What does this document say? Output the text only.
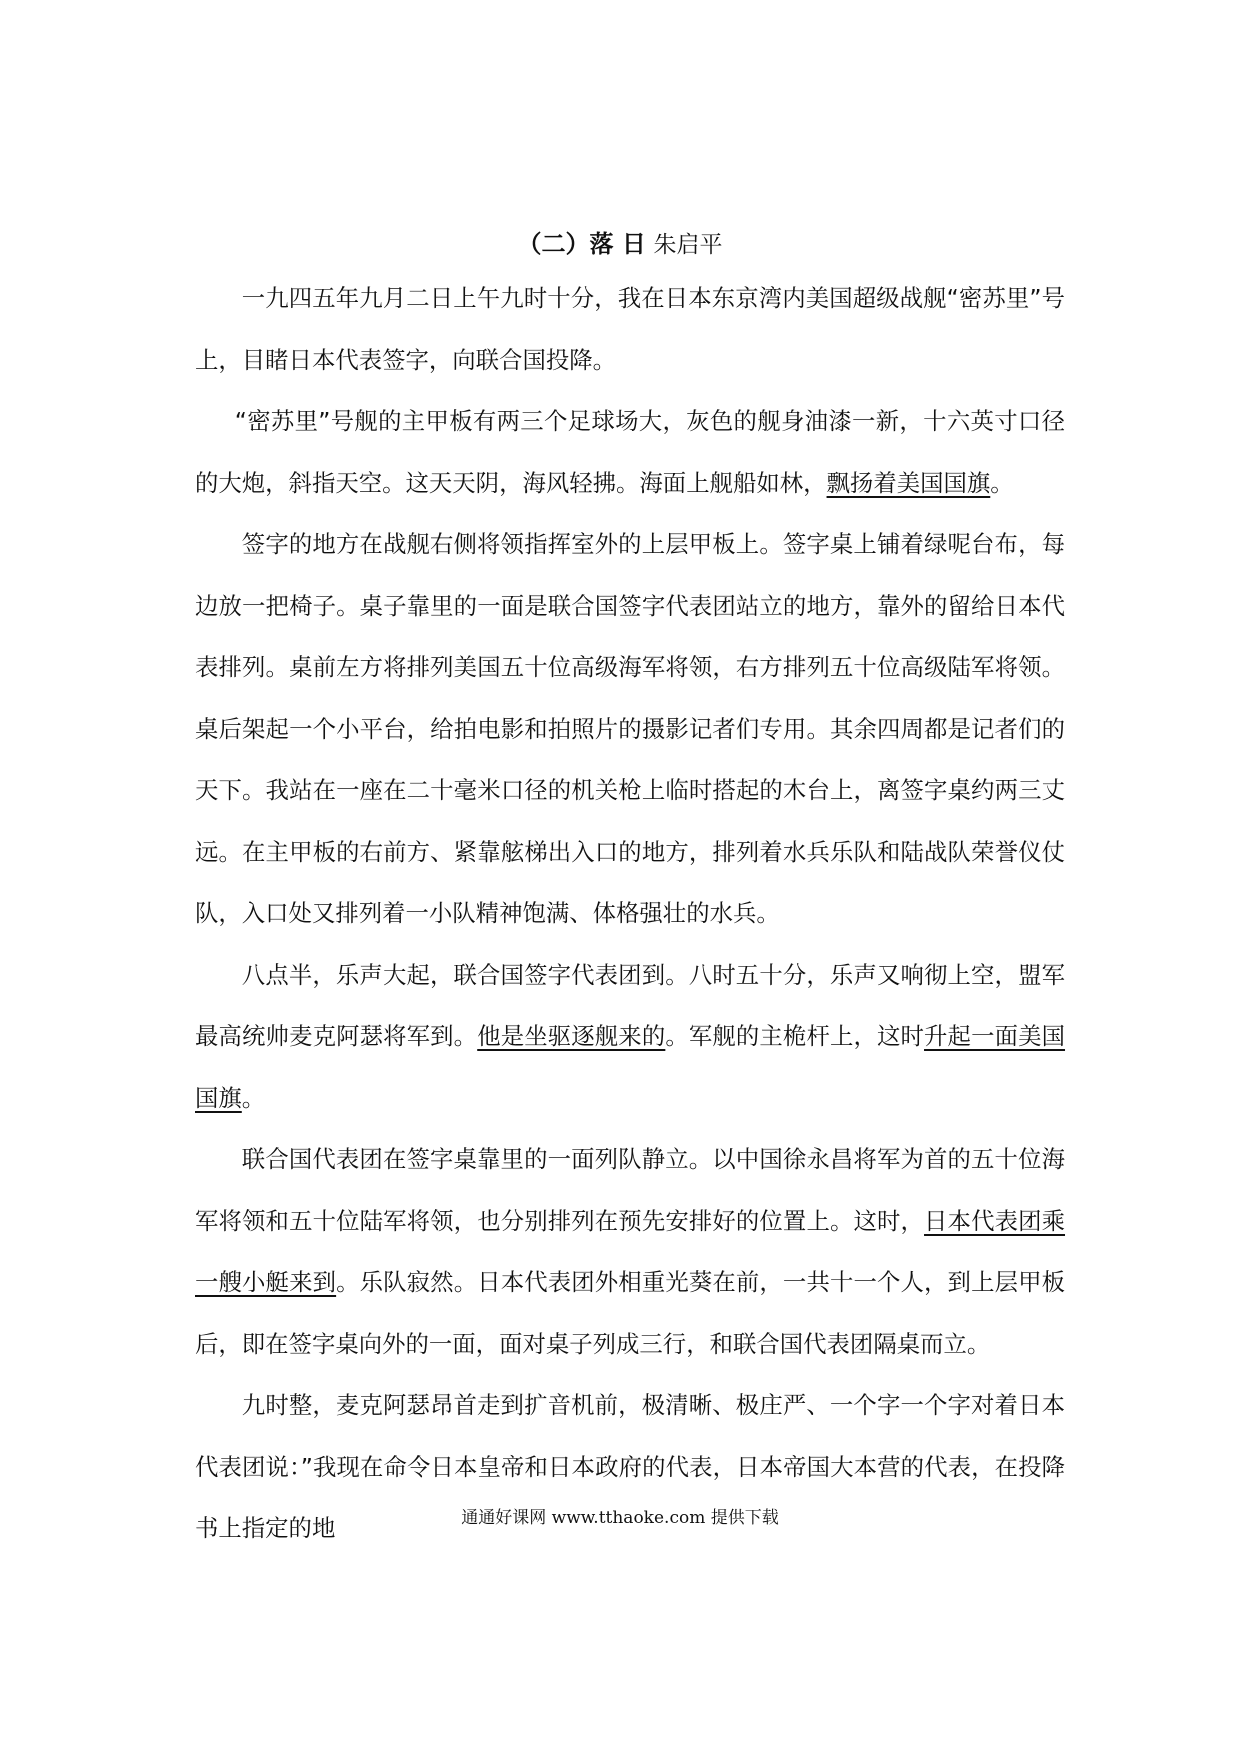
（二）落 日 朱启平

一九四五年九月二日上午九时十分，我在日本东京湾内美国超级战舰“密苏里”号上，目睹日本代表签字，向联合国投降。

“密苏里”号舰的主甲板有两三个足球场大，灰色的舰身油漆一新，十六英寸口径的大炮，斜指天空。这天天阴，海风轻拂。海面上舰船如林，飘扬着美国国旗。

签字的地方在战舰右侧将领指挥室外的上层甲板上。签字桌上铺着绿呢台布，每边放一把椅子。桌子靠里的一面是联合国签字代表团站立的地方，靠外的留给日本代表排列。桌前左方将排列美国五十位高级海军将领，右方排列五十位高级陆军将领。桌后架起一个小平台，给拍电影和拍照片的摄影记者们专用。其余四周都是记者们的天下。我站在一座在二十毫米口径的机关枪上临时搭起的木台上，离签字桌约两三丈远。在主甲板的右前方、紧靠舷梯出入口的地方，排列着水兵乐队和陆战队荣誉仪仗队，入口处又排列着一小队精神饱满、体格强壮的水兵。

八点半，乐声大起，联合国签字代表团到。八时五十分，乐声又响彻上空，盟军最高统帅麦克阿瑟将军到。他是坐驱逐舰来的。军舰的主桅杆上，这时升起一面美国国旗。

联合国代表团在签字桌靠里的一面列队静立。以中国徐永昌将军为首的五十位海军将领和五十位陆军将领，也分别排列在预先安排好的位置上。这时，日本代表团乘一艘小艇来到。乐队寂然。日本代表团外相重光葵在前，一共十一个人，到上层甲板后，即在签字桌向外的一面，面对桌子列成三行，和联合国代表团隔桌而立。

九时整，麦克阿瑟昂首走到扩音机前，极清晰、极庄严、一个字一个字对着日本代表团说：”我现在命令日本皇帝和日本政府的代表，日本帝国大本营的代表，在投降书上指定的地	通通好课网 www.tthaoke.com 提供下载
